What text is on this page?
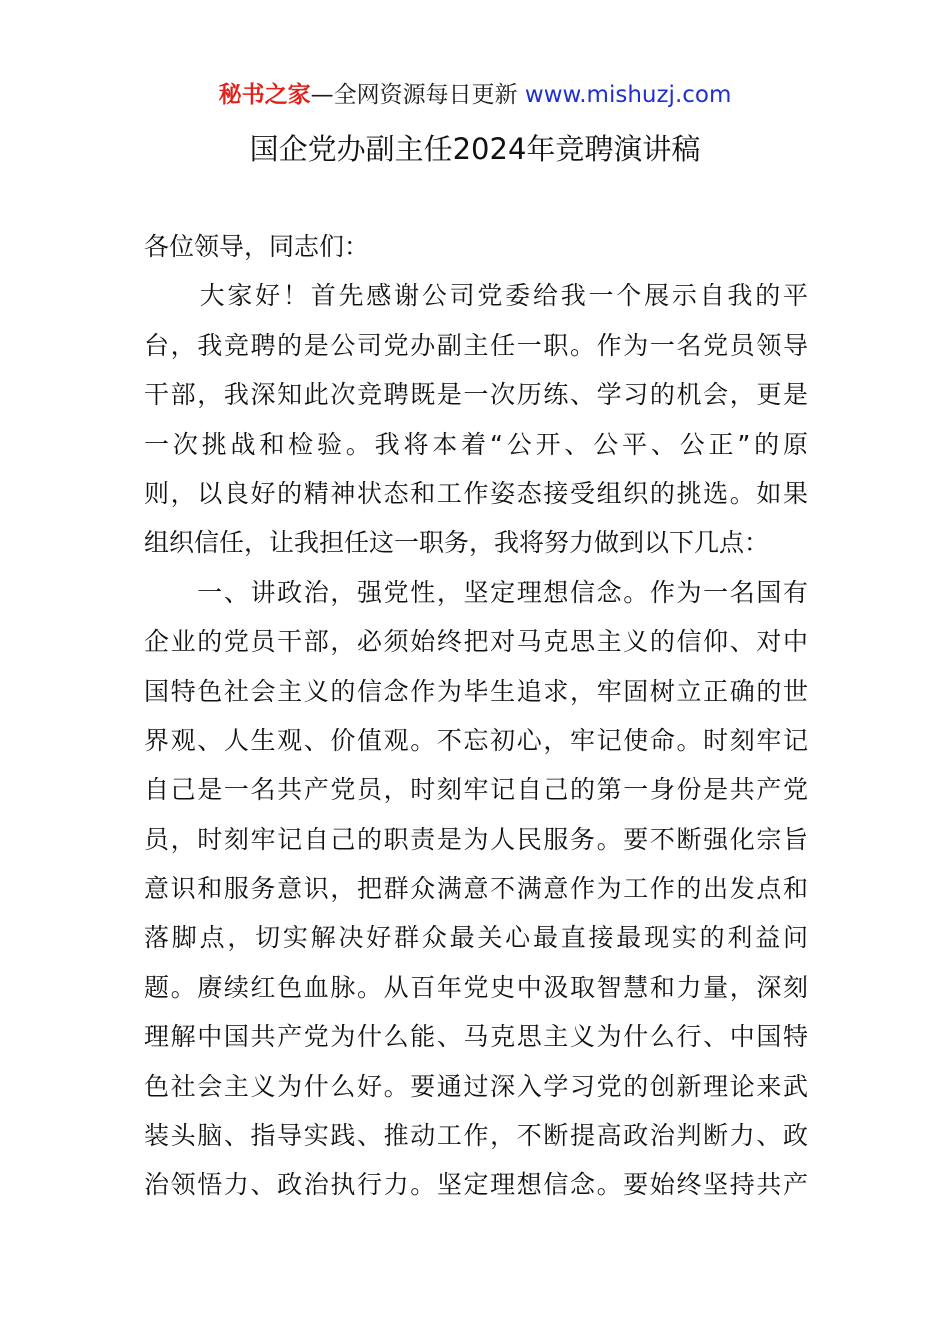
秘书之家—全网资源每日更新 www.mishuzj.com
国企党办副主任2024年竞聘演讲稿
各位领导，同志们：
　　大家好！首先感谢公司党委给我一个展示自我的平
台，我竞聘的是公司党办副主任一职。作为一名党员领导
干部，我深知此次竞聘既是一次历练、学习的机会，更是
一次挑战和检验。我将本着“公开、公平、公正”的原
则，以良好的精神状态和工作姿态接受组织的挑选。如果
组织信任，让我担任这一职务，我将努力做到以下几点：
　　一、讲政治，强党性，坚定理想信念。作为一名国有
企业的党员干部，必须始终把对马克思主义的信仰、对中
国特色社会主义的信念作为毕生追求，牢固树立正确的世
界观、人生观、价值观。不忘初心，牢记使命。时刻牢记
自己是一名共产党员，时刻牢记自己的第一身份是共产党
员，时刻牢记自己的职责是为人民服务。要不断强化宗旨
意识和服务意识，把群众满意不满意作为工作的出发点和
落脚点，切实解决好群众最关心最直接最现实的利益问
题。赓续红色血脉。从百年党史中汲取智慧和力量，深刻
理解中国共产党为什么能、马克思主义为什么行、中国特
色社会主义为什么好。要通过深入学习党的创新理论来武
装头脑、指导实践、推动工作，不断提高政治判断力、政
治领悟力、政治执行力。坚定理想信念。要始终坚持共产
